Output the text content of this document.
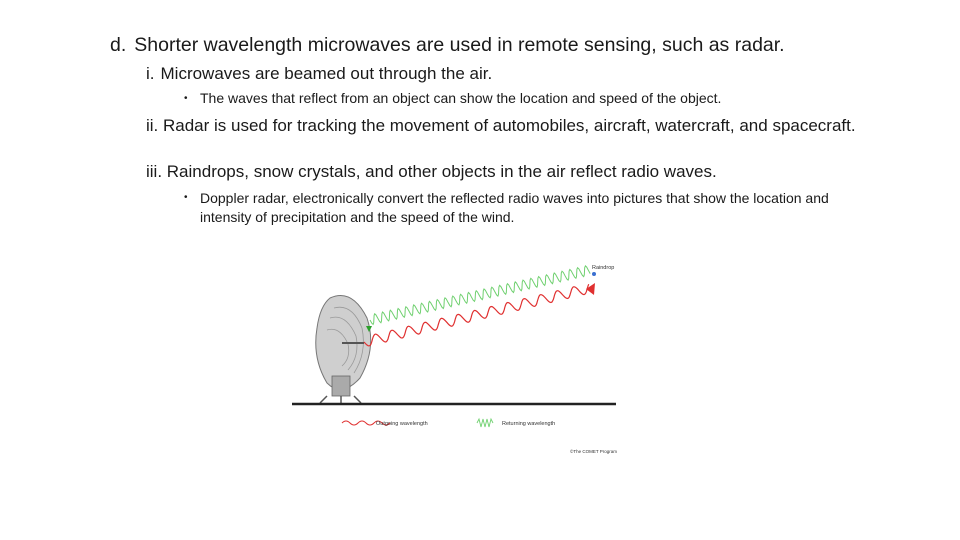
d. Shorter wavelength microwaves are used in remote sensing, such as radar.
i. Microwaves are beamed out through the air.
• The waves that reflect from an object can show the location and speed of the object.
ii. Radar is used for tracking the movement of automobiles, aircraft, watercraft, and spacecraft.
iii. Raindrops, snow crystals, and other objects in the air reflect radio waves.
• Doppler radar, electronically convert the reflected radio waves into pictures that show the location and intensity of precipitation and the speed of the wind.
Raindrop
Outgoing wavelength	Returning wavelength
©The COMET Program
